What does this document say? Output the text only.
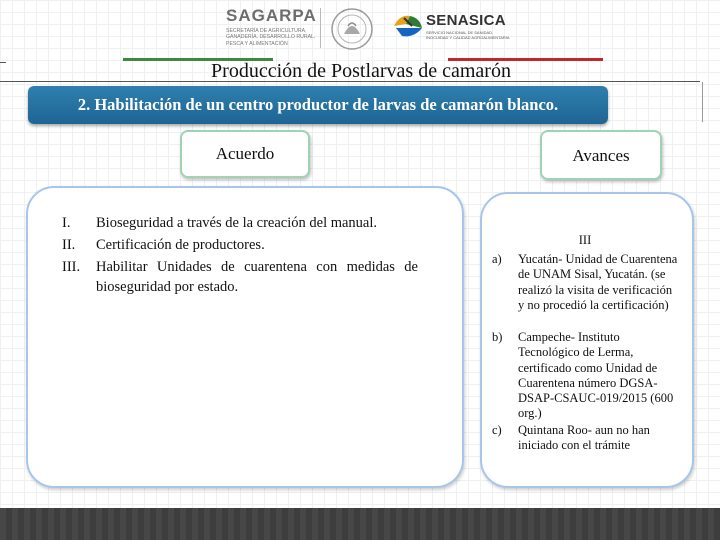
SAGARPA
SECRETARÍA DE AGRICULTURA, GANADERÍA, DESARROLLO RURAL, PESCA Y ALIMENTACIÓN
SENASICA
SERVICIO NACIONAL DE SANIDAD, INOCUIDAD Y CALIDAD AGROALIMENTARIA
Producción de Postlarvas de camarón
2. Habilitación de un centro productor de larvas de camarón blanco.
Acuerdo	Avances
I.	Bioseguridad a través de la creación del manual.
II.	Certificación de productores.
III.	Habilitar Unidades de cuarentena con medidas de bioseguridad por estado.
III
a)	Yucatán- Unidad de Cuarentena de UNAM Sisal, Yucatán. (se realizó la visita de verificación y no procedió la certificación)
b)	Campeche- Instituto Tecnológico de Lerma, certificado como Unidad de Cuarentena número DGSA-DSAP-CSAUC-019/2015 (600 org.)
c)	Quintana Roo- aun no han iniciado con el trámite
